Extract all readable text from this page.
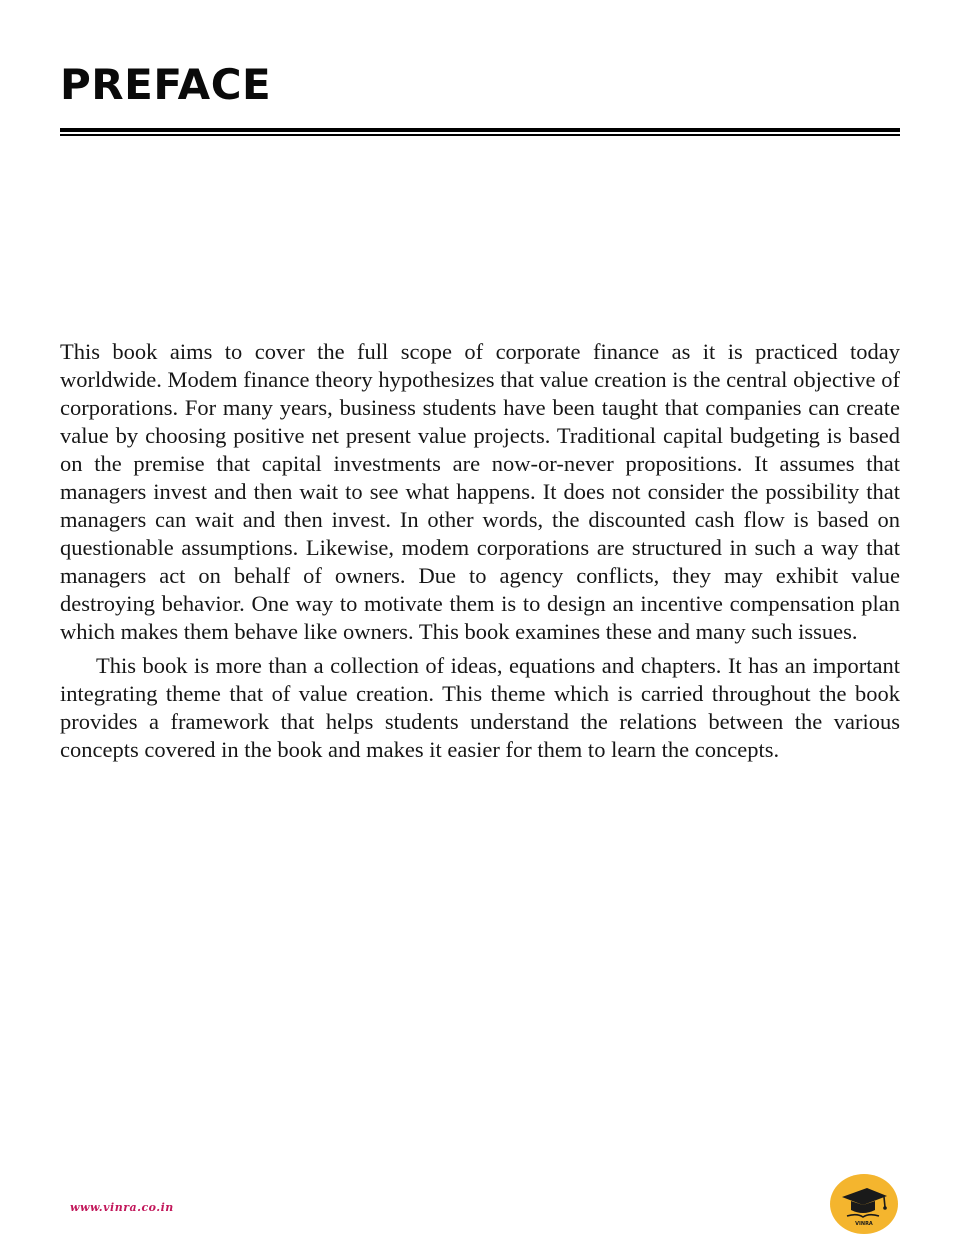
PREFACE

This book aims to cover the full scope of corporate finance as it is practiced today worldwide. Modem finance theory hypothesizes that value creation is the central objective of corporations. For many years, business students have been taught that companies can create value by choosing positive net present value projects. Traditional capital budgeting is based on the premise that capital investments are now-or-never propositions. It assumes that managers invest and then wait to see what happens. It does not consider the possibility that managers can wait and then invest. In other words, the discounted cash flow is based on questionable assumptions. Likewise, modem corporations are structured in such a way that managers act on behalf of owners. Due to agency conflicts, they may exhibit value destroying behavior. One way to motivate them is to design an incentive compensation plan which makes them behave like owners. This book examines these and many such issues.

This book is more than a collection of ideas, equations and chapters. It has an important integrating theme that of value creation. This theme which is carried throughout the book provides a framework that helps students understand the relations between the various concepts covered in the book and makes it easier for them to learn the concepts.

www.vinra.co.in
VINRA
